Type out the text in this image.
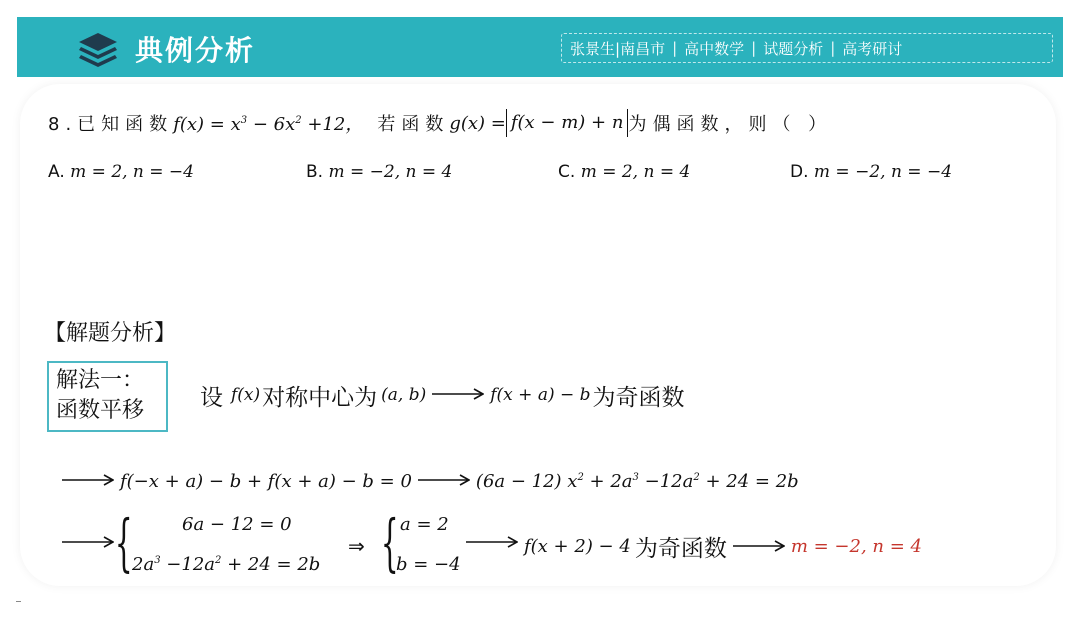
典例分析	张景生| 南昌市 | 高中数学 | 试题分析 | 高考研讨
8.已知函数 $f(x) = x^3 - 6x^2 +12$， 若函数 g(x) = f(x − m) + n 为偶函数，则（ ）
A. m = 2, n = −4	B. m = −2, n = 4	C. m = 2, n = 4	D. m = −2, n = −4
【解题分析】
解法一：
函数平移	设 f(x) 对称中心为 (a, b)	f(x + a) − b 为奇函数
f(−x + a) − b + f(x + a) − b = 0	(6a − 12) $x^2 + 2a^3 -12a^2 + 24 = 2b$
{	6a − 12 = 0
$2a^3 -12a^2 + 24 = 2b$
⇒ { a = 2
b = −4
f(x + 2) − 4 为奇函数	m = −2, n = 4
